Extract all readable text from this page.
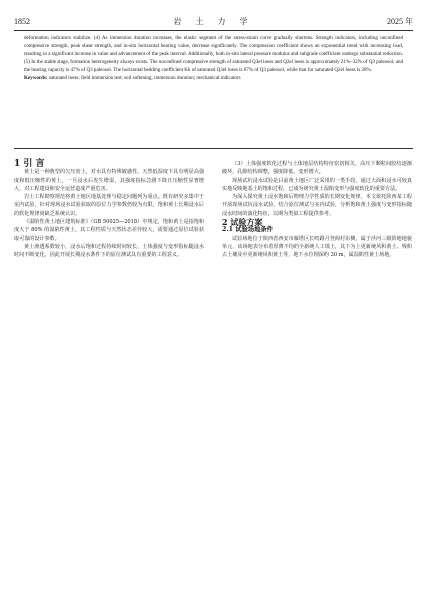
1852	岩 土 力 学	2025 年

deformation indicators stabilize. (4) As immersion duration increases, the elastic segment of the stress-strain curve gradually shortens. Strength indicators, including unconfined compressive strength, peak shear strength, and in-situ horizontal bearing value, decrease significantly. The compression coefficient shows an exponential trend with increasing load, resulting in a significant increase in value and advancement of the peak interval. Additionally, both in-situ lateral pressure modulus and subgrade coefficient undergo substantial reduction. (5) In the stable stage, formation heterogeneity always exists. The unconfined compressive strength of saturated Q3el loess and Q2el loess is approximately 21%–32% of Q3 paleosol, and the bearing capacity is 47% of Q3 paleosol. The horizontal bedding coefficient Kh of saturated Q3el loess is 67% of Q3 paleosol, while that for saturated Q2el loess is 28%.

Keywords: saturated loess; field immersion test; soil softening; immersion duration; mechanical indicators

1 引 言

黄土是一种典型的欠压密土，对水具有特殊敏感性。天然低湿度下具有明显高强度和低压缩性的黄土，一旦浸水后发生增湿，其强度指标急剧下降且压缩性显著增大，对工程建设和安全运营造成严重危害。

岩土工程勘察规范将黄土地区地基处理与稳定问题列为重点。既有研究多集中于室内试验，针对现场浸水试验获取的原位力学参数仍较为有限，饱和黄土长期浸水后的软化规律尚缺乏系统认识。

《湿陷性黄土地区建筑标准》（GB 50025—2018）中规定，饱和黄土是指饱和度大于 80% 的湿陷性黄土，其工程性质与天然状态差异较大，需要通过原位试验获取可靠的设计参数。

黄土渗透系数较小，浸水后饱和过程持续时间较长，土体强度与变形指标随浸水时间不断变化，因此开展长期浸水条件下的原位测试具有重要的工程意义。

（3）土体强度软化过程与土体地层结构特征密切相关。高压下颗粒间胶结逐渐破坏，孔隙结构调整，强度降低，变形增大。

现场试坑浸水试验是目前黄土地区广泛采用的一类手段。通过大面积浸水可较真实地反映地基土的饱和过程，已成为研究黄土湿陷变形与强度软化的重要方法。

为深入探究黄土浸水饱和后物理力学性质的长期变化规律，本文依托陕西某工程开展现场试坑浸水试验，结合原位测试与室内试验，分析饱和黄土强度与变形指标随浸水时间的演化特征，以期为类似工程提供参考。

2 试验方案

2.1 试验场地条件

试验场地位于陕西省西安市雁塔区长鸣路月登阁村东侧，属于泾河三级阶地地貌单元，该场地表分布着厚薄不均的全新统人工填土，其下为上更新统风积黄土、残积古土壤及中更新统风积黄土等，地下水位埋深约 30 m，属湿陷性黄土场地。
